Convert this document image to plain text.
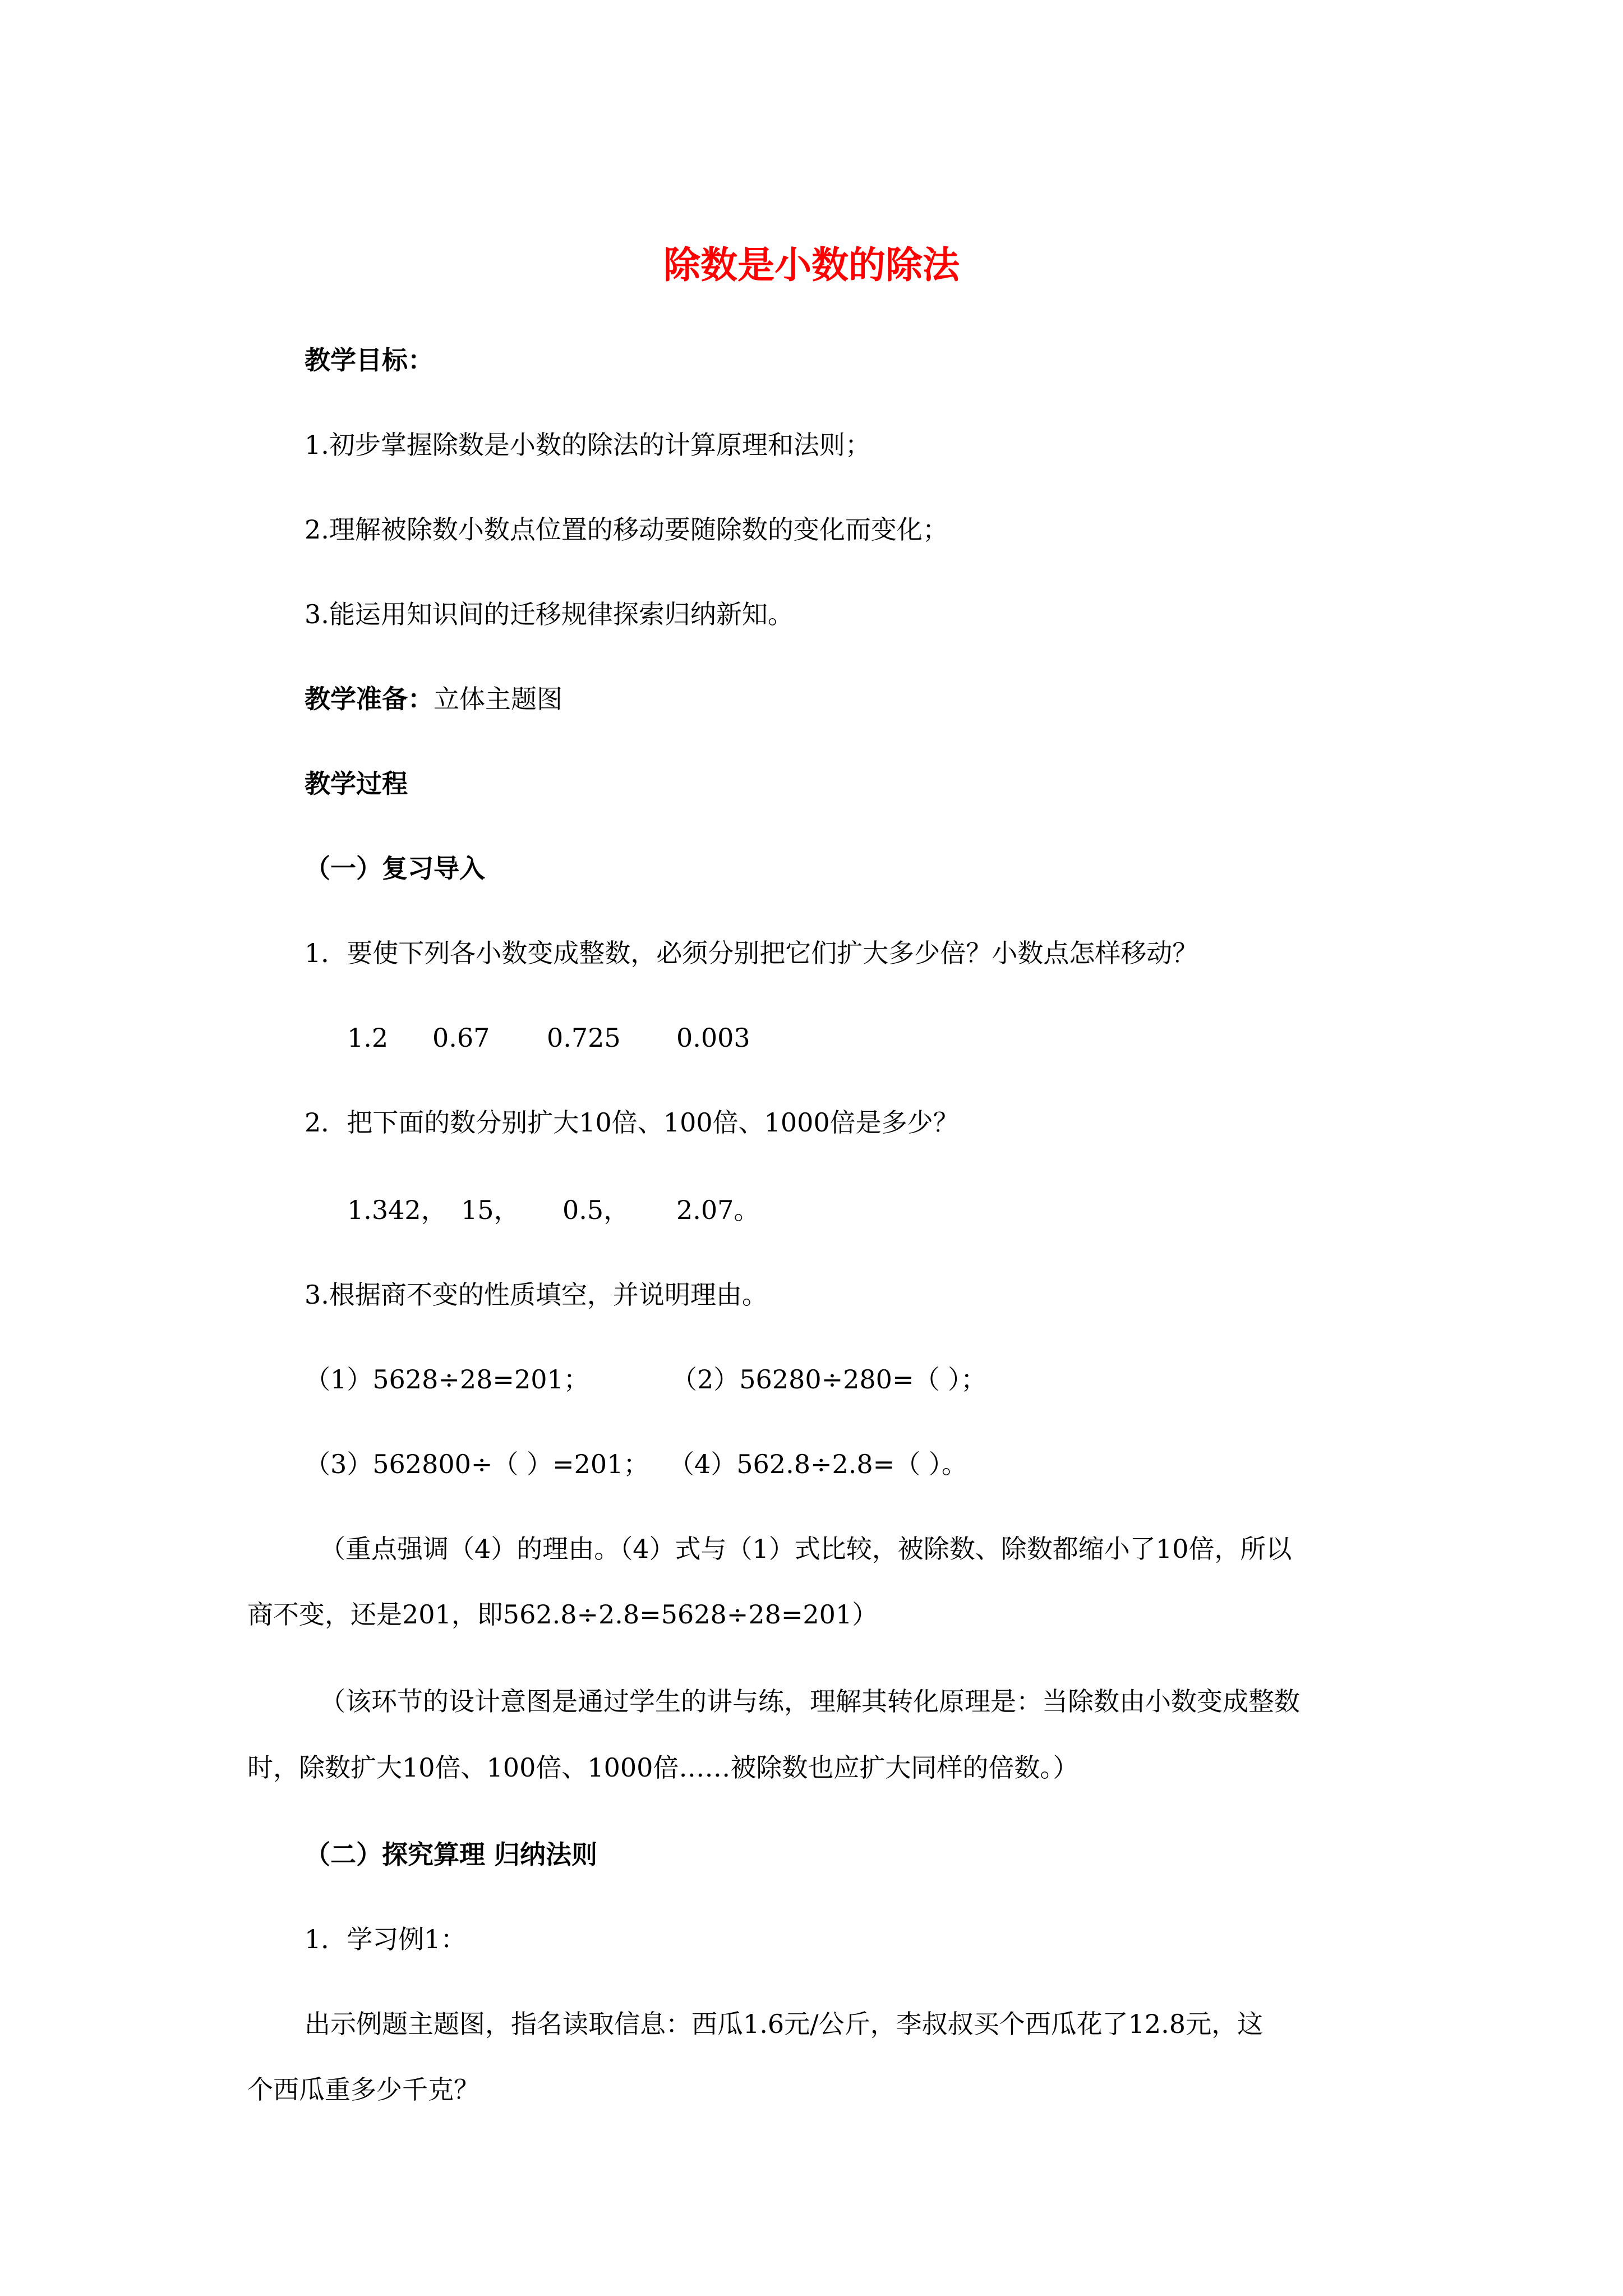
除数是小数的除法
教学目标：
1.初步掌握除数是小数的除法的计算原理和法则；
2.理解被除数小数点位置的移动要随除数的变化而变化；
3.能运用知识间的迁移规律探索归纳新知。
教学准备：立体主题图
教学过程
（一）复习导入
1．要使下列各小数变成整数，必须分别把它们扩大多少倍？小数点怎样移动？
1.2 0.67 0.725 0.003
2．把下面的数分别扩大10倍、100倍、1000倍是多少？
1.342， 15， 0.5， 2.07。
3.根据商不变的性质填空，并说明理由。
（1）5628÷28=201；	（2）56280÷280=（ ）；
（3）562800÷（ ）=201； （4）562.8÷2.8=（ ）。
（重点强调（4）的理由。（4）式与（1）式比较，被除数、除数都缩小了10倍，所以
商不变，还是201，即562.8÷2.8=5628÷28=201）
（该环节的设计意图是通过学生的讲与练，理解其转化原理是：当除数由小数变成整数
时，除数扩大10倍、100倍、1000倍……被除数也应扩大同样的倍数。）
（二）探究算理 归纳法则
1．学习例1：
出示例题主题图，指名读取信息：西瓜1.6元/公斤，李叔叔买个西瓜花了12.8元，这
个西瓜重多少千克？
